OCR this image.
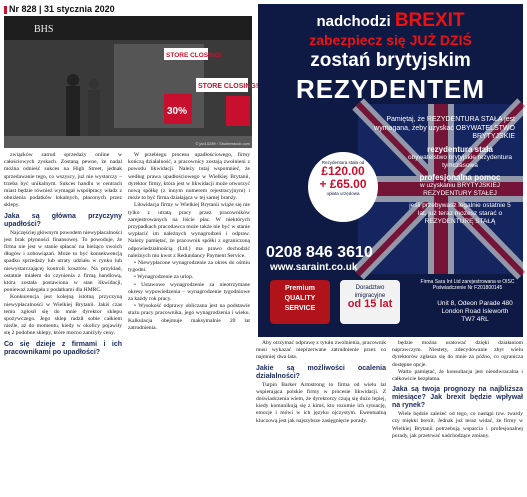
Nr 828 | 31 stycznia 2020
BHS
STORE CLOSING!
STORE CLOSING!
30%
© jax10289 / Shutterstock.com

związków zatrud sprzedaży online w całościowych zyskach. Zostaną pewne, że nadal można odnieść sukces na High Street, jednak sprzedawanie tego, co wszyscy, już nie wystarczy – trzeba być unikalnym. Sukces handlu w centrach miast będzie również wymagał współpracy władz z obniżenia podatków lokalnych, płaconych przez sklepy.

Jaka są główna przyczyny upadłości?

Najczęściej głównym powodem niewypłacalności jest brak płynności finansowej. To powoduje, że firma nie jest w stanie spłacać na bieżąco swoich długów i zobowiązań. Może to być konsekwencją spadku sprzedaży lub utraty udziału w rynku lub niewystarczającej kontroli kosztów. Na przykład, ostatnie miałem do czynienia z firmą handlową, która została postawiona w stan likwidacji, ponieważ zalegała z podatkami dla HMRC.

Konkurencja jest kolejną istotną przyczyną niewypłacalności w Wielkiej Brytanii. Jakiś czas temu zgłosił się do mnie dyrektor sklepu spożywczego. Jego sklep radził sobie całkiem nieźle, aż do momentu, kiedy w okolicy pojawiły się 2 podobne sklepy, które mocno zaniżyły ceny.

Co się dzieje z firmami i ich pracownikami po upadłości?

W przebiegu procesu upadłościowego, firmy kończą działalność, a pracownicy zostają zwolnieni z powodu likwidacji. Należy tutaj wspomnieć, że według prawa upadłościowego w Wielkiej Brytanii, dyrektor firmy, która jest w likwidacji może otworzyć nową spółkę (z innym numerem rejestracyjnym) i może to być firma działająca w tej samej branży.

Likwidacja firmy w Wielkiej Brytanii wiąże się nie tylko z utratą pracy przez pracowników zarejestrowanych na liście płac. W niektórych przypadkach pracodawca może także nie być w stanie wypłacić im należnych wynagrodzeń i odpraw. Należy pamiętać, że pracownik spółki z ograniczoną odpowiedzialnością (Ltd.) ma prawo dochodzić należnych mu kwot z Redundancy Payment Service.

• Niewypłacone wynagrodzenie za okres do ośmiu tygodni.

• Wynagrodzenie za urlop.

• Ustawowe wynagrodzenie za nieotrzymane okresy wypowiedzenia – wynagrodzenie tygodniowe za każdy rok pracy.

• Wysokość odprawy obliczana jest na podstawie stażu pracy pracownika, jego wynagrodzenia i wieku. Kalkulacja obejmuje maksymalnie 20 lat zatrudnienia.

Aby otrzymać odprawę z tytułu zwolnienia, pracownik musi wykazać nieprzerwane zatrudnienie przez co najmniej dwa lata.

Jakie są możliwości ocalenia działalności?

Turpin Barker Armstrong to firma od wielu lat wspierająca polskie firmy w procesie likwidacji. Z doświadczenia wiem, że dyrektorzy czują się dużo lepiej, kiedy komunikują się z kimś, kto rozumie ich sytuację, emocje i mówi w ich języku ojczystym. Ewentualną kluczową jest jak najszybsze zasięgnięcie porady.

będzie można uratować dzięki działaniom naprawczym. Niestety, zdecydowanie zbyt wielu dyrektorów zgłasza się do mnie za późno, co ogranicza dostępne opcje.

Warto pamiętać, że konsultacja jest nieodwracalna i całkowicie bezpłatna.

Jaka są twoja prognozy na najbliższa miesiące? Jak brexit będzie wpływał na rynek?

Wiele będzie zależeć od tego, co nastąpi tzw. twardy czy miękki brexit. Jednak już teraz widać, że firmy w Wielkiej Brytanii potrzebują wsparcia i profesjonalnej porady, jak przetrwać nadchodzące zmiany.

nadchodzi BREXIT
zabezpiecz się JUŻ DZIŚ
zostań brytyjskim
REZYDENTEM
Pamiętaj, że REZYDENTURA STAŁA jest wymagana, żeby uzyskać OBYWATELSTWO BRYTYJSKIE
rezydentura stała
obywatelstwo brytyjskie rezydentura tymczasowa
profesjonalna pomoc
w uzyskaniu BRYTYJSKIEJ REZYDENTURY STAŁEJ
jeśli przebywasz legalnie ostatnie 5 lat, już teraz możesz starać o REZYDENTURĘ STAŁĄ
Rezydentura stała od
£120.00
+ £65.00
opłata urzędowa
0208 846 3610
www.saraint.co.uk
Premium QUALITY SERVICE
Doradztwo imigracyjne
od 15 lat
Firma Sara Int Ltd zarejestrowana w OISC Poświadczenie Nr F201800145
Unit 8, Odeon Parade 480 London Road Isleworth TW7 4RL
